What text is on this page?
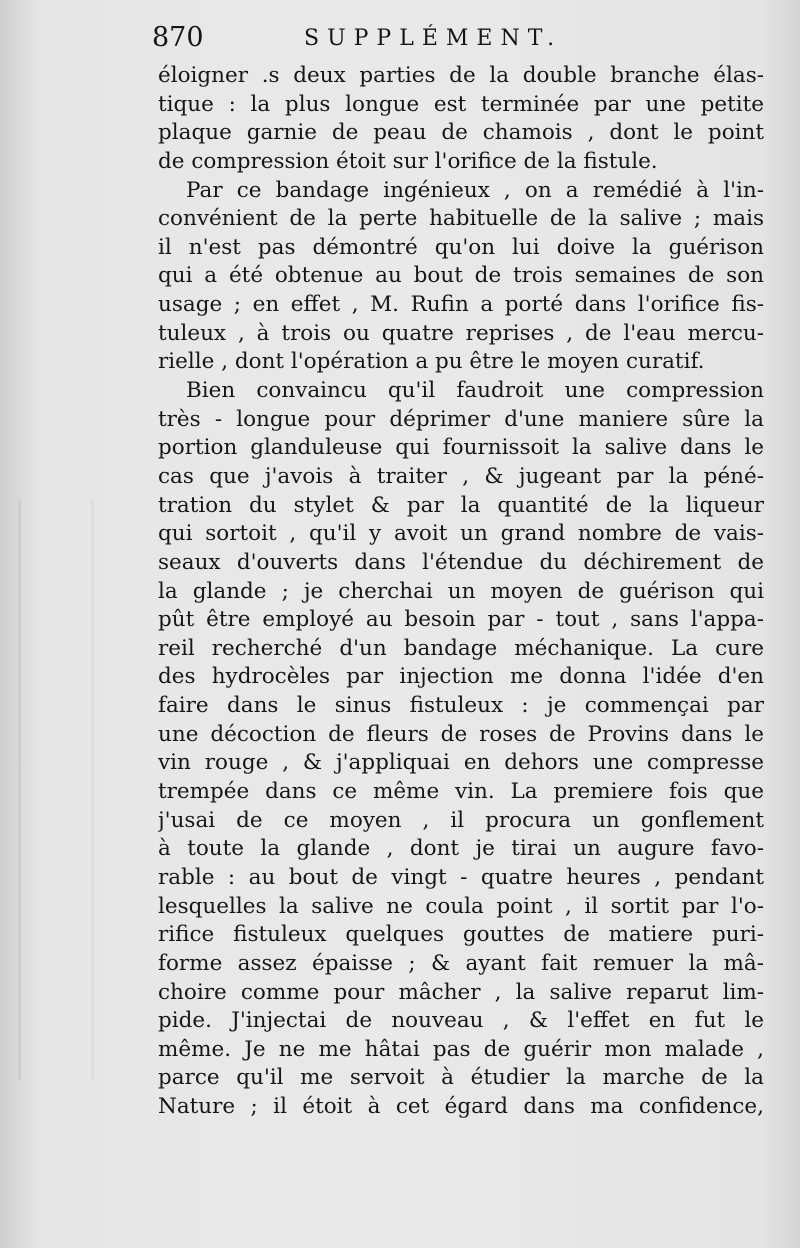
870	SUPPLÉMENT.
éloigner .s deux parties de la double branche élas-
tique : la plus longue est terminée par une petite
plaque garnie de peau de chamois , dont le point
de compression étoit sur l'orifice de la fistule.
Par ce bandage ingénieux , on a remédié à l'in-
convénient de la perte habituelle de la salive ; mais
il n'est pas démontré qu'on lui doive la guérison
qui a été obtenue au bout de trois semaines de son
usage ; en effet , M. Rufin a porté dans l'orifice fis-
tuleux , à trois ou quatre reprises , de l'eau mercu-
rielle , dont l'opération a pu être le moyen curatif.
Bien convaincu qu'il faudroit une compression
très - longue pour déprimer d'une maniere sûre la
portion glanduleuse qui fournissoit la salive dans le
cas que j'avois à traiter , & jugeant par la péné-
tration du stylet & par la quantité de la liqueur
qui sortoit , qu'il y avoit un grand nombre de vais-
seaux d'ouverts dans l'étendue du déchirement de
la glande ; je cherchai un moyen de guérison qui
pût être employé au besoin par - tout , sans l'appa-
reil recherché d'un bandage méchanique. La cure
des hydrocèles par injection me donna l'idée d'en
faire dans le sinus fistuleux : je commençai par
une décoction de fleurs de roses de Provins dans le
vin rouge , & j'appliquai en dehors une compresse
trempée dans ce même vin. La premiere fois que
j'usai de ce moyen , il procura un gonflement
à toute la glande , dont je tirai un augure favo-
rable : au bout de vingt - quatre heures , pendant
lesquelles la salive ne coula point , il sortit par l'o-
rifice fistuleux quelques gouttes de matiere puri-
forme assez épaisse ; & ayant fait remuer la mâ-
choire comme pour mâcher , la salive reparut lim-
pide. J'injectai de nouveau , & l'effet en fut le
même. Je ne me hâtai pas de guérir mon malade ,
parce qu'il me servoit à étudier la marche de la
Nature ; il étoit à cet égard dans ma confidence,
